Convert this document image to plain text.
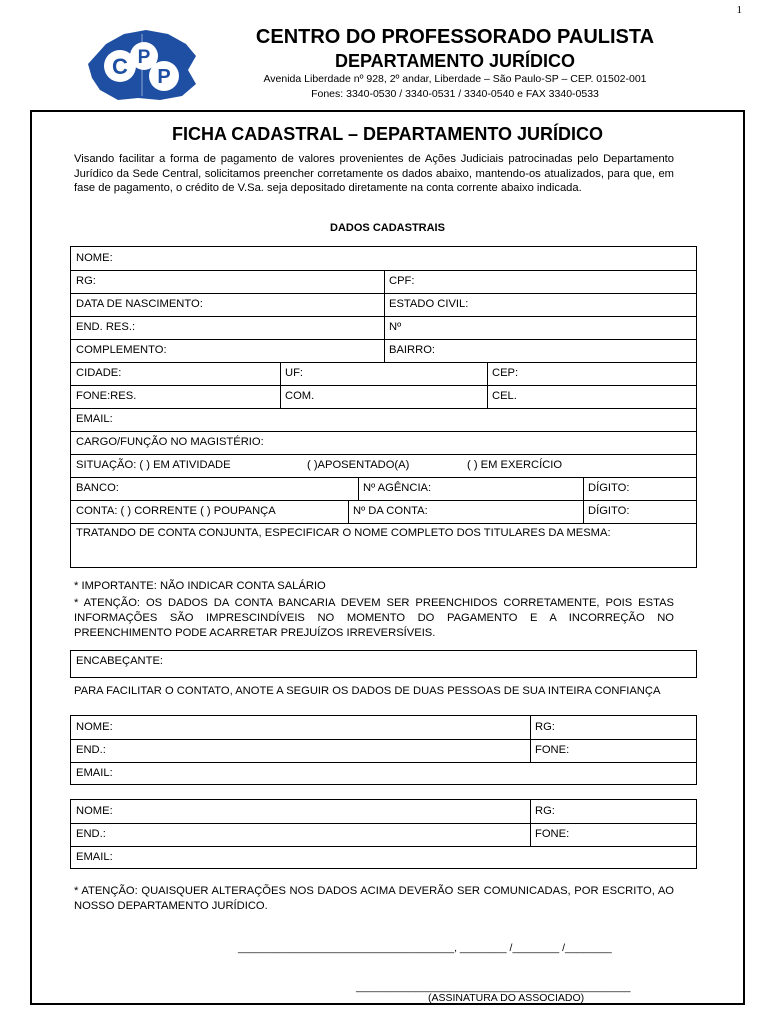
1
C P
P
CENTRO DO PROFESSORADO PAULISTA
DEPARTAMENTO JURÍDICO
Avenida Liberdade nº 928, 2º andar, Liberdade – São Paulo-SP – CEP. 01502-001
Fones: 3340-0530 / 3340-0531 / 3340-0540 e FAX 3340-0533
FICHA CADASTRAL – DEPARTAMENTO JURÍDICO

Visando facilitar a forma de pagamento de valores provenientes de Ações Judiciais patrocinadas pelo Departamento Jurídico da Sede Central, solicitamos preencher corretamente os dados abaixo, mantendo-os atualizados, para que, em fase de pagamento, o crédito de V.Sa. seja depositado diretamente na conta corrente abaixo indicada.

DADOS CADASTRAIS
NOME:
RG:	CPF:
DATA DE NASCIMENTO:	ESTADO CIVIL:
END. RES.:	Nº
COMPLEMENTO:	BAIRRO:
CIDADE:	UF:	CEP:
FONE:RES.	COM.	CEL.
EMAIL:
CARGO/FUNÇÃO NO MAGISTÉRIO:
SITUAÇÃO: ( ) EM ATIVIDADE	( )APOSENTADO(A)	( ) EM EXERCÍCIO
BANCO:	Nº AGÊNCIA:	DÍGITO:
CONTA: ( ) CORRENTE ( ) POUPANÇA	Nº DA CONTA:	DÍGITO:
TRATANDO DE CONTA CONJUNTA, ESPECIFICAR O NOME COMPLETO DOS TITULARES DA MESMA:

* IMPORTANTE: NÃO INDICAR CONTA SALÁRIO

* ATENÇÃO: OS DADOS DA CONTA BANCARIA DEVEM SER PREENCHIDOS CORRETAMENTE, POIS ESTAS INFORMAÇÕES SÃO IMPRESCINDÍVEIS NO MOMENTO DO PAGAMENTO E A INCORREÇÃO NO PREENCHIMENTO PODE ACARRETAR PREJUÍZOS IRREVERSÍVEIS.

ENCABEÇANTE:

PARA FACILITAR O CONTATO, ANOTE A SEGUIR OS DADOS DE DUAS PESSOAS DE SUA INTEIRA CONFIANÇA

NOME:	RG:
END.:	FONE:
EMAIL:
NOME:	RG:
END.:	FONE:
EMAIL:

* ATENÇÃO: QUAISQUER ALTERAÇÕES NOS DADOS ACIMA DEVERÃO SER COMUNICADAS, POR ESCRITO, AO NOSSO DEPARTAMENTO JURÍDICO.

_____________________________________, ________ /________ /________
_______________________________________________
(ASSINATURA DO ASSOCIADO)
